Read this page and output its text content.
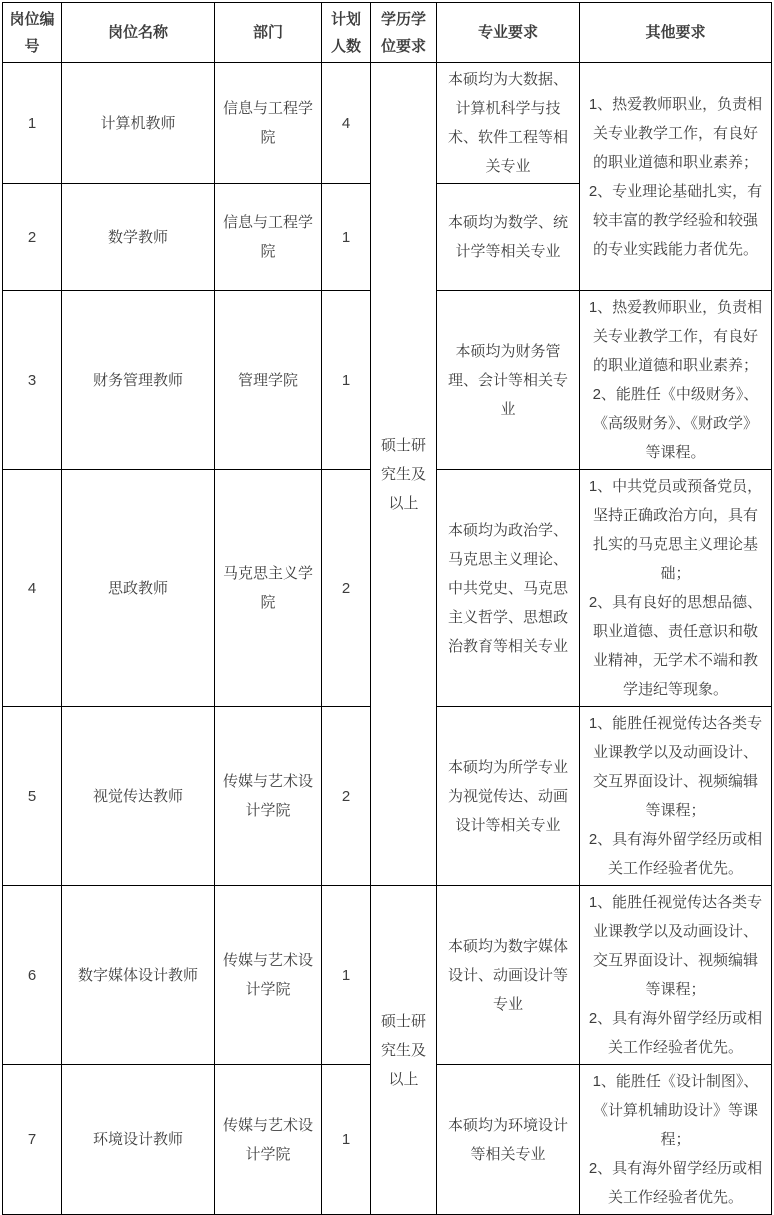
岗位编号	岗位名称	部门	计划人数	学历学位要求	专业要求	其他要求
1	计算机教师	信息与工程学院	4	硕士研究生及以上	本硕均为大数据、计算机科学与技术、软件工程等相关专业	1、热爱教师职业，负责相关专业教学工作，有良好的职业道德和职业素养；
2、专业理论基础扎实，有较丰富的教学经验和较强的专业实践能力者优先。

2	数学教师	信息与工程学院	1		本硕均为数学、统计学等相关专业	
3	财务管理教师	管理学院	1		本硕均为财务管理、会计等相关专业	1、热爱教师职业，负责相关专业教学工作，有良好的职业道德和职业素养；
2、能胜任《中级财务》、《高级财务》、《财政学》等课程。

4	思政教师	马克思主义学院	2		本硕均为政治学、马克思主义理论、中共党史、马克思主义哲学、思想政治教育等相关专业	1、中共党员或预备党员，坚持正确政治方向，具有扎实的马克思主义理论基础；
2、具有良好的思想品德、职业道德、责任意识和敬业精神，无学术不端和教学违纪等现象。

5	视觉传达教师	传媒与艺术设计学院	2		本硕均为所学专业为视觉传达、动画设计等相关专业	1、能胜任视觉传达各类专业课教学以及动画设计、交互界面设计、视频编辑等课程；
2、具有海外留学经历或相关工作经验者优先。

6	数字媒体设计教师	传媒与艺术设计学院	1	硕士研究生及以上	本硕均为数字媒体设计、动画设计等专业	1、能胜任视觉传达各类专业课教学以及动画设计、交互界面设计、视频编辑等课程；
2、具有海外留学经历或相关工作经验者优先。

7	环境设计教师	传媒与艺术设计学院	1		本硕均为环境设计等相关专业	1、能胜任《设计制图》、《计算机辅助设计》等课程；
2、具有海外留学经历或相关工作经验者优先。
